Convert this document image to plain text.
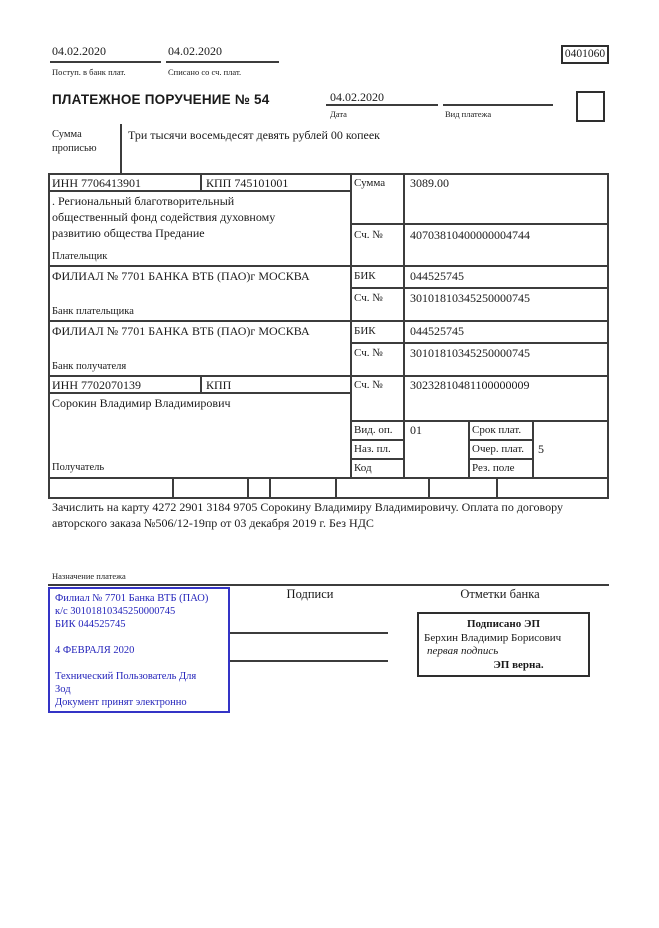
04.02.2020
Поступ. в банк плат.
04.02.2020
Списано со сч. плат.
0401060
ПЛАТЕЖНОЕ ПОРУЧЕНИЕ № 54	04.02.2020
Дата	Вид платежа
Сумма
прописью
Три тысячи восемьдесят девять рублей 00 копеек
ИНН 7706413901	КПП 745101001	Сумма 3089.00
. Региональный благотворительный
общественный фонд содействия духовному
развитию общества Предание	Сч. № 40703810400000004744
Плательщик
ФИЛИАЛ № 7701 БАНКА ВТБ (ПАО)г МОСКВА	БИК	044525745
Сч. № 30101810345250000745
Банк плательщика
ФИЛИАЛ № 7701 БАНКА ВТБ (ПАО)г МОСКВА	БИК	044525745
Сч. № 30101810345250000745
Банк получателя
ИНН 7702070139	КПП	Сч. № 30232810481100000009
Сорокин Владимир Владимирович
Вид. оп. 01	Срок плат.
Наз. пл.	Очер. плат. 5
Код	Рез. поле
Получатель
Зачислить на карту 4272 2901 3184 9705 Сорокину Владимиру Владимировичу. Оплата по договору
авторского заказа №506/12-19пр от 03 декабря 2019 г. Без НДС
Назначение платежа
Филиал № 7701 Банка ВТБ (ПАО)
к/с 30101810345250000745
БИК 044525745
4 ФЕВРАЛЯ 2020
Технический Пользователь Для
Зод
Документ принят электронно
Подписи	Отметки банка
Подписано ЭП
Берхин Владимир Борисович
первая подпись
ЭП верна.
